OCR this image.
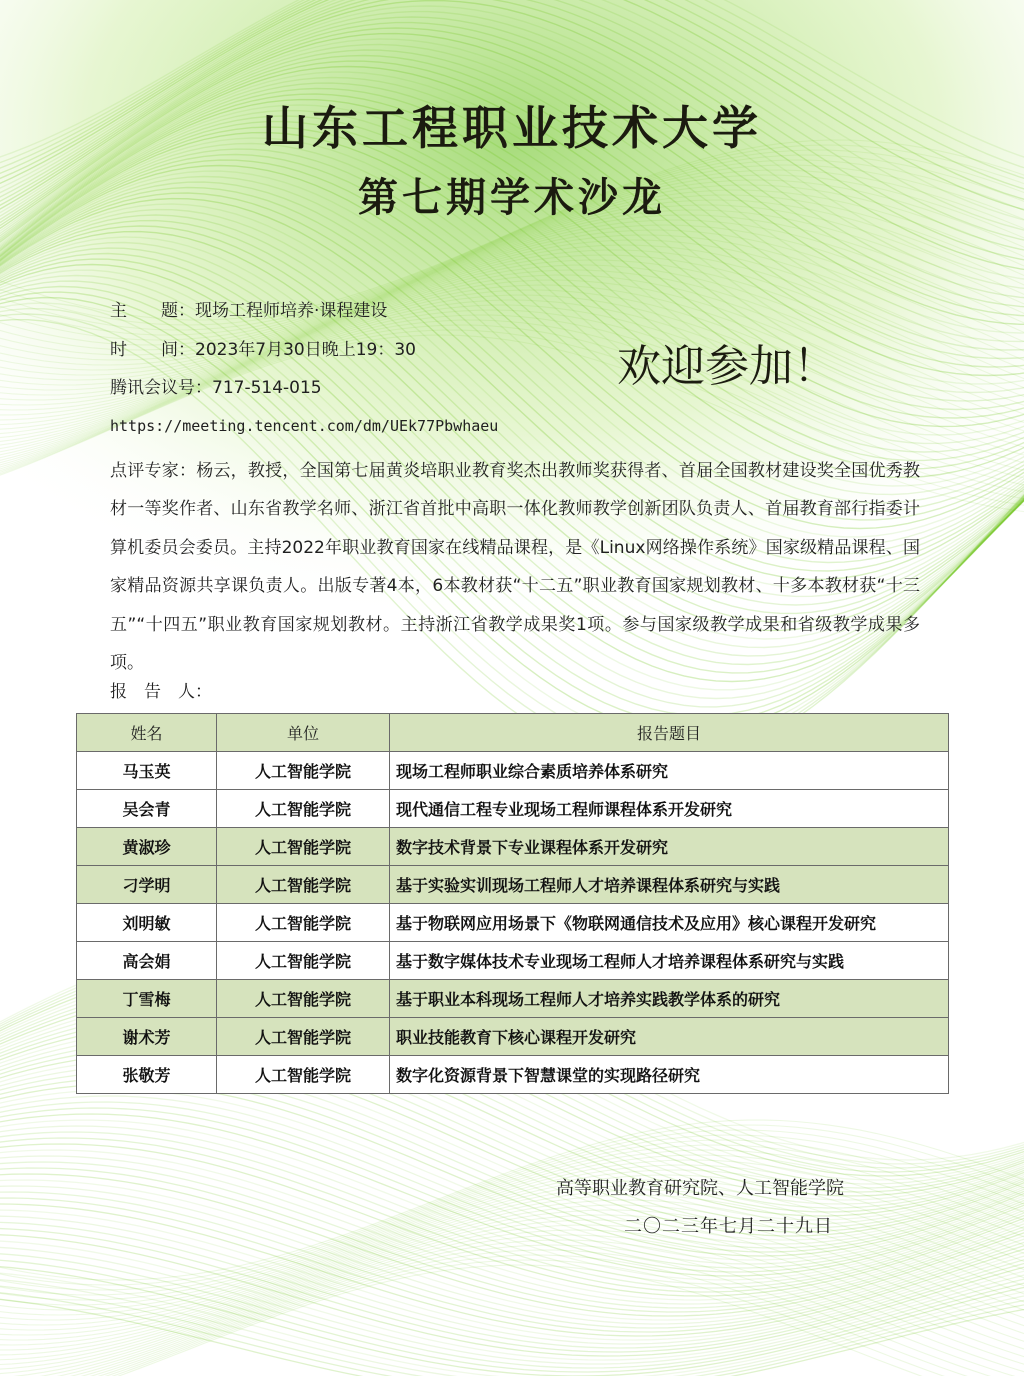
山东工程职业技术大学
第七期学术沙龙
欢迎参加！
主　　题：现场工程师培养·课程建设
时　　间：2023年7月30日晚上19：30
腾讯会议号：717-514-015
https://meeting.tencent.com/dm/UEk77Pbwhaeu
点评专家：杨云，教授，全国第七届黄炎培职业教育奖杰出教师奖获得者、首届全国教材建设奖全国优秀教材一等奖作者、山东省教学名师、浙江省首批中高职一体化教师教学创新团队负责人、首届教育部行指委计算机委员会委员。主持2022年职业教育国家在线精品课程，是《Linux网络操作系统》国家级精品课程、国家精品资源共享课负责人。出版专著4本，6本教材获“十二五”职业教育国家规划教材、十多本教材获“十三五”“十四五”职业教育国家规划教材。主持浙江省教学成果奖1项。参与国家级教学成果和省级教学成果多项。
报　告　人：
姓名	单位	报告题目
马玉英	人工智能学院	现场工程师职业综合素质培养体系研究
吴会青	人工智能学院	现代通信工程专业现场工程师课程体系开发研究
黄淑珍	人工智能学院	数字技术背景下专业课程体系开发研究
刁学明	人工智能学院	基于实验实训现场工程师人才培养课程体系研究与实践
刘明敏	人工智能学院	基于物联网应用场景下《物联网通信技术及应用》核心课程开发研究
高会娟	人工智能学院	基于数字媒体技术专业现场工程师人才培养课程体系研究与实践
丁雪梅	人工智能学院	基于职业本科现场工程师人才培养实践教学体系的研究
谢术芳	人工智能学院	职业技能教育下核心课程开发研究
张敬芳	人工智能学院	数字化资源背景下智慧课堂的实现路径研究
高等职业教育研究院、人工智能学院
二〇二三年七月二十九日
